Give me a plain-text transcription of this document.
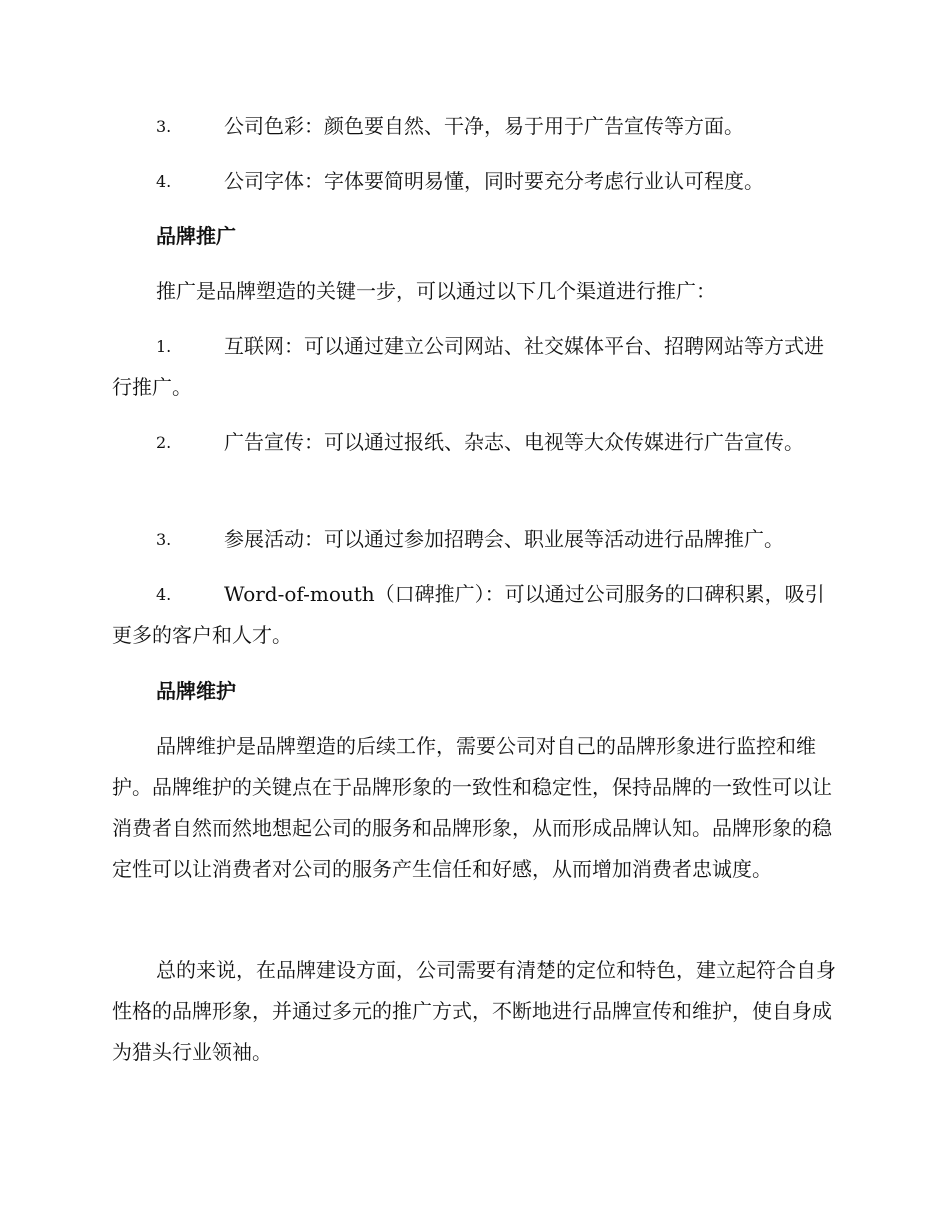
3.	公司色彩：颜色要自然、干净，易于用于广告宣传等方面。
4.	公司字体：字体要简明易懂，同时要充分考虑行业认可程度。
品牌推广
推广是品牌塑造的关键一步，可以通过以下几个渠道进行推广：
1.	互联网：可以通过建立公司网站、社交媒体平台、招聘网站等方式进行推广。
2.	广告宣传：可以通过报纸、杂志、电视等大众传媒进行广告宣传。
3.	参展活动：可以通过参加招聘会、职业展等活动进行品牌推广。
4.	Word-of-mouth（口碑推广）：可以通过公司服务的口碑积累，吸引更多的客户和人才。
品牌维护
品牌维护是品牌塑造的后续工作，需要公司对自己的品牌形象进行监控和维护。品牌维护的关键点在于品牌形象的一致性和稳定性，保持品牌的一致性可以让消费者自然而然地想起公司的服务和品牌形象，从而形成品牌认知。品牌形象的稳定性可以让消费者对公司的服务产生信任和好感，从而增加消费者忠诚度。
总的来说，在品牌建设方面，公司需要有清楚的定位和特色，建立起符合自身性格的品牌形象，并通过多元的推广方式，不断地进行品牌宣传和维护，使自身成为猎头行业领袖。
